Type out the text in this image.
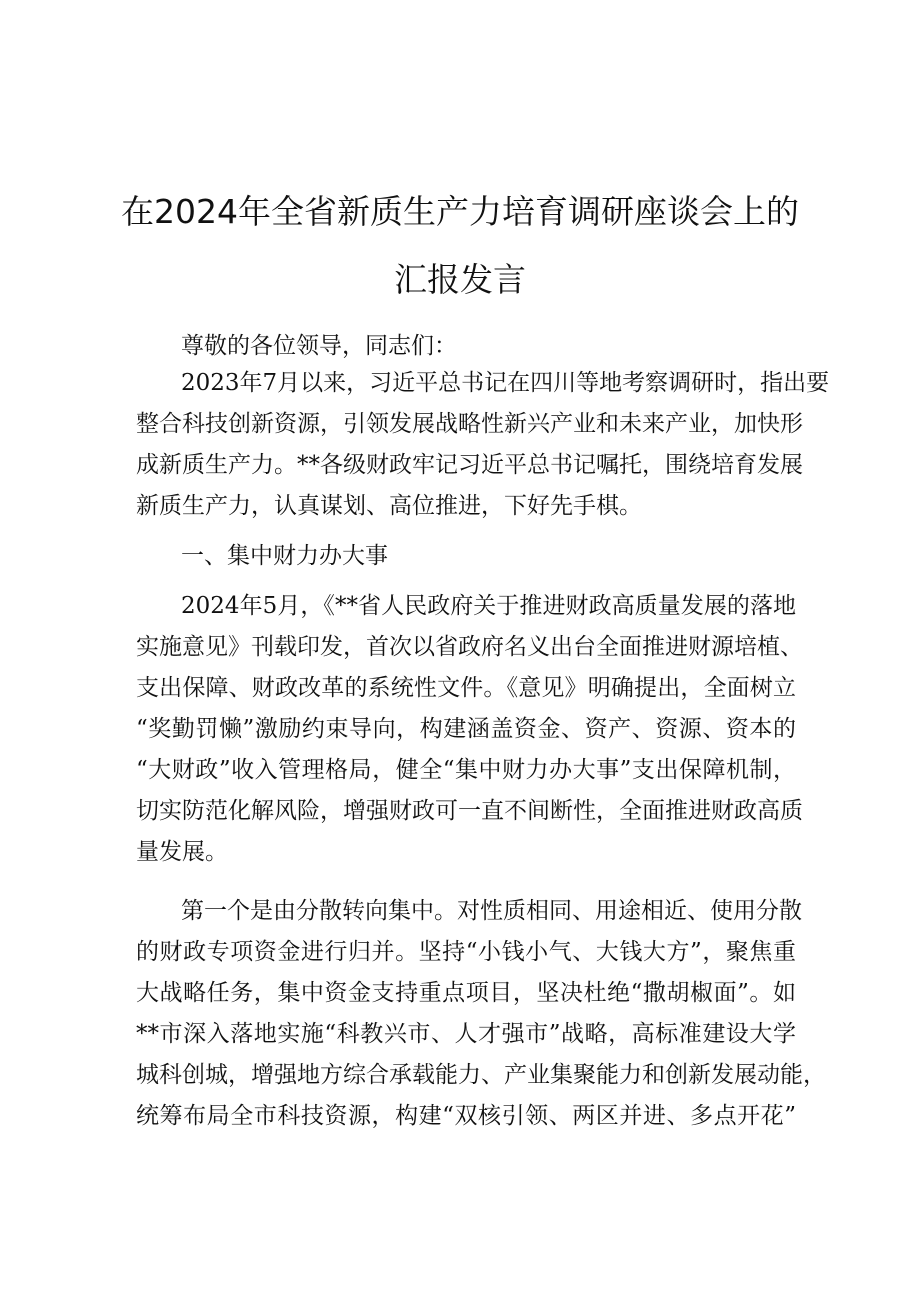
在2024年全省新质生产力培育调研座谈会上的
汇报发言
尊敬的各位领导，同志们：
2023年7月以来，习近平总书记在四川等地考察调研时，指出要
整合科技创新资源，引领发展战略性新兴产业和未来产业，加快形
成新质生产力。**各级财政牢记习近平总书记嘱托，围绕培育发展
新质生产力，认真谋划、高位推进，下好先手棋。
一、集中财力办大事
2024年5月，《**省人民政府关于推进财政高质量发展的落地
实施意见》刊载印发，首次以省政府名义出台全面推进财源培植、
支出保障、财政改革的系统性文件。《意见》明确提出，全面树立
“奖勤罚懒”激励约束导向，构建涵盖资金、资产、资源、资本的
“大财政”收入管理格局，健全“集中财力办大事”支出保障机制，
切实防范化解风险，增强财政可一直不间断性，全面推进财政高质
量发展。
第一个是由分散转向集中。对性质相同、用途相近、使用分散
的财政专项资金进行归并。坚持“小钱小气、大钱大方”，聚焦重
大战略任务，集中资金支持重点项目，坚决杜绝“撒胡椒面”。如
**市深入落地实施“科教兴市、人才强市”战略，高标准建设大学
城科创城，增强地方综合承载能力、产业集聚能力和创新发展动能，
统筹布局全市科技资源，构建“双核引领、两区并进、多点开花”
